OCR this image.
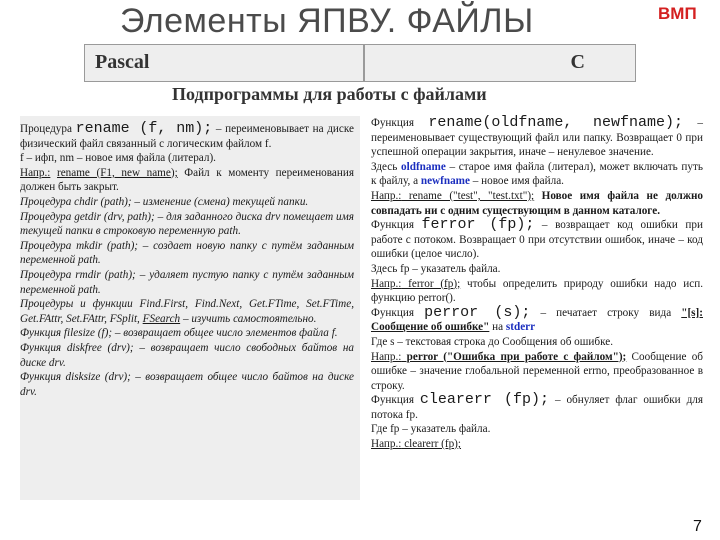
Элементы ЯПВУ. ФАЙЛЫ	ВМП
Pascal	C
Подпрограммы для работы с файлами

Процедура rename (f, nm); – переименовывает на диске физический файл связанный с логическим файлом f.

f – ифп, nm – новое имя файла (литерал).

Напр.: rename (F1, new name); Файл к моменту переименования должен быть закрыт.

Процедура chdir (path); – изменение (смена) текущей папки.

Процедура getdir (drv, path); – для заданного диска drv помещает имя текущей папки в строковую переменную path.

Процедура mkdir (path); – создает новую папку с путём заданным переменной path.

Процедура rmdir (path); – удаляет пустую папку с путём заданным переменной path.

Процедуры и функции Find.First, Find.Next, Get.FTime, Set.FTime, Get.FAttr, Set.FAttr, FSplit, FSearch – изучить самостоятельно.

Функция filesize (f); – возвращает общее число элементов файла f.

Функция diskfree (drv); – возвращает число свободных байтов на диске drv.

Функция disksize (drv); – возвращает общее число байтов на диске drv.

Функция rename(oldfname, newfname); – переименовывает существующий файл или папку. Возвращает 0 при успешной операции закрытия, иначе – ненулевое значение.

Здесь oldfname – старое имя файла (литерал), может включать путь к файлу, а newfname – новое имя файла.

Напр.: rename ("test", "test.txt"); Новое имя файла не должно совпадать ни с одним существующим в данном каталоге.

Функция ferror (fp); – возвращает код ошибки при работе с потоком. Возвращает 0 при отсутствии ошибок, иначе – код ошибки (целое число).

Здесь fp – указатель файла.

Напр.: ferror (fp); чтобы определить природу ошибки надо исп. функцию perror().

Функция perror (s); – печатает строку вида "[s]: Сообщение об ошибке" на stderr

Где s – текстовая строка до Сообщения об ошибке.

Напр.: perror ("Ошибка при работе с файлом"); Сообщение об ошибке – значение глобальной переменной errno, преобразованное в строку.

Функция clearerr (fp); – обнуляет флаг ошибки для потока fp.

Где fp – указатель файла.

Напр.: clearerr (fp);

7
